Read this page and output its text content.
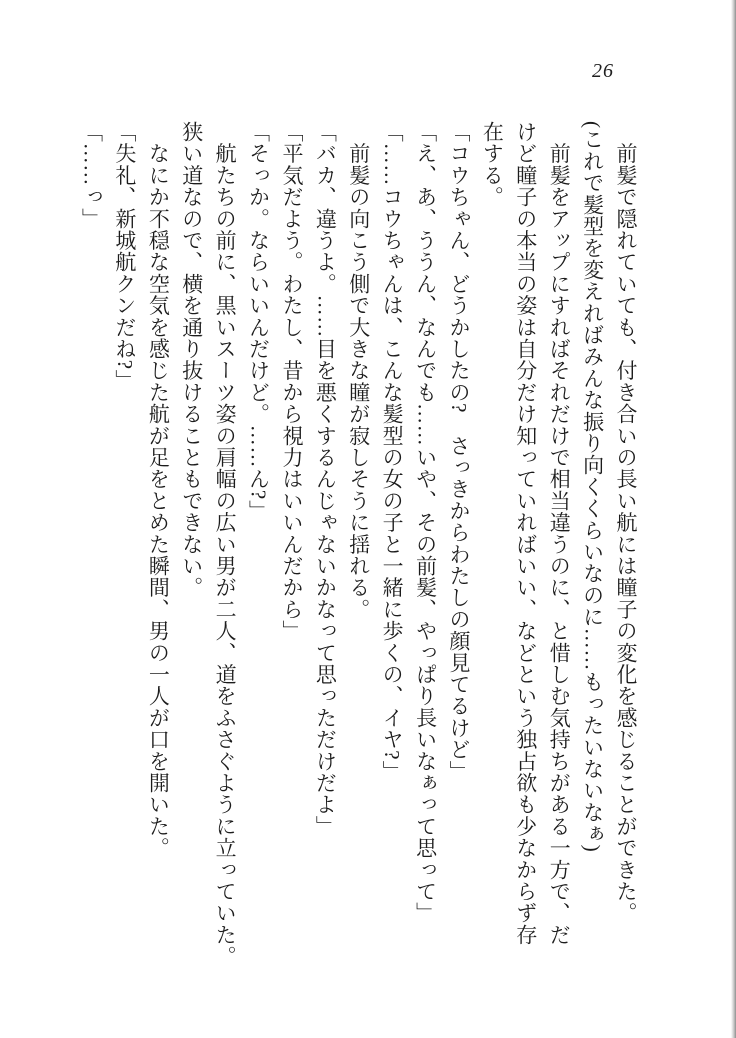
26

　前髪で隠れていても、付き合いの長い航には瞳子の変化を感じることができた。

(これで髪型を変えればみんな振り向くくらいなのに……もったいないなぁ)

　前髪をアップにすればそれだけで相当違うのに、と惜しむ気持ちがある一方で、だ

けど瞳子の本当の姿は自分だけ知っていればいい、などという独占欲も少なからず存

在する。

「コウちゃん、どうかしたの?　さっきからわたしの顔見てるけど」

「え、あ、ううん、なんでも……いや、その前髪、やっぱり長いなぁって思って」

「……コウちゃんは、こんな髪型の女の子と一緒に歩くの、イヤ?」

　前髪の向こう側で大きな瞳が寂しそうに揺れる。

「バカ、違うよ。……目を悪くするんじゃないかなって思っただけだよ」

「平気だよう。わたし、昔から視力はいいんだから」

「そっか。ならいいんだけど。……ん?」

　航たちの前に、黒いスーツ姿の肩幅の広い男が二人、道をふさぐように立っていた。

狭い道なので、横を通り抜けることもできない。

　なにか不穏な空気を感じた航が足をとめた瞬間、男の一人が口を開いた。

「失礼、新城航クンだね?」

「……っ」
